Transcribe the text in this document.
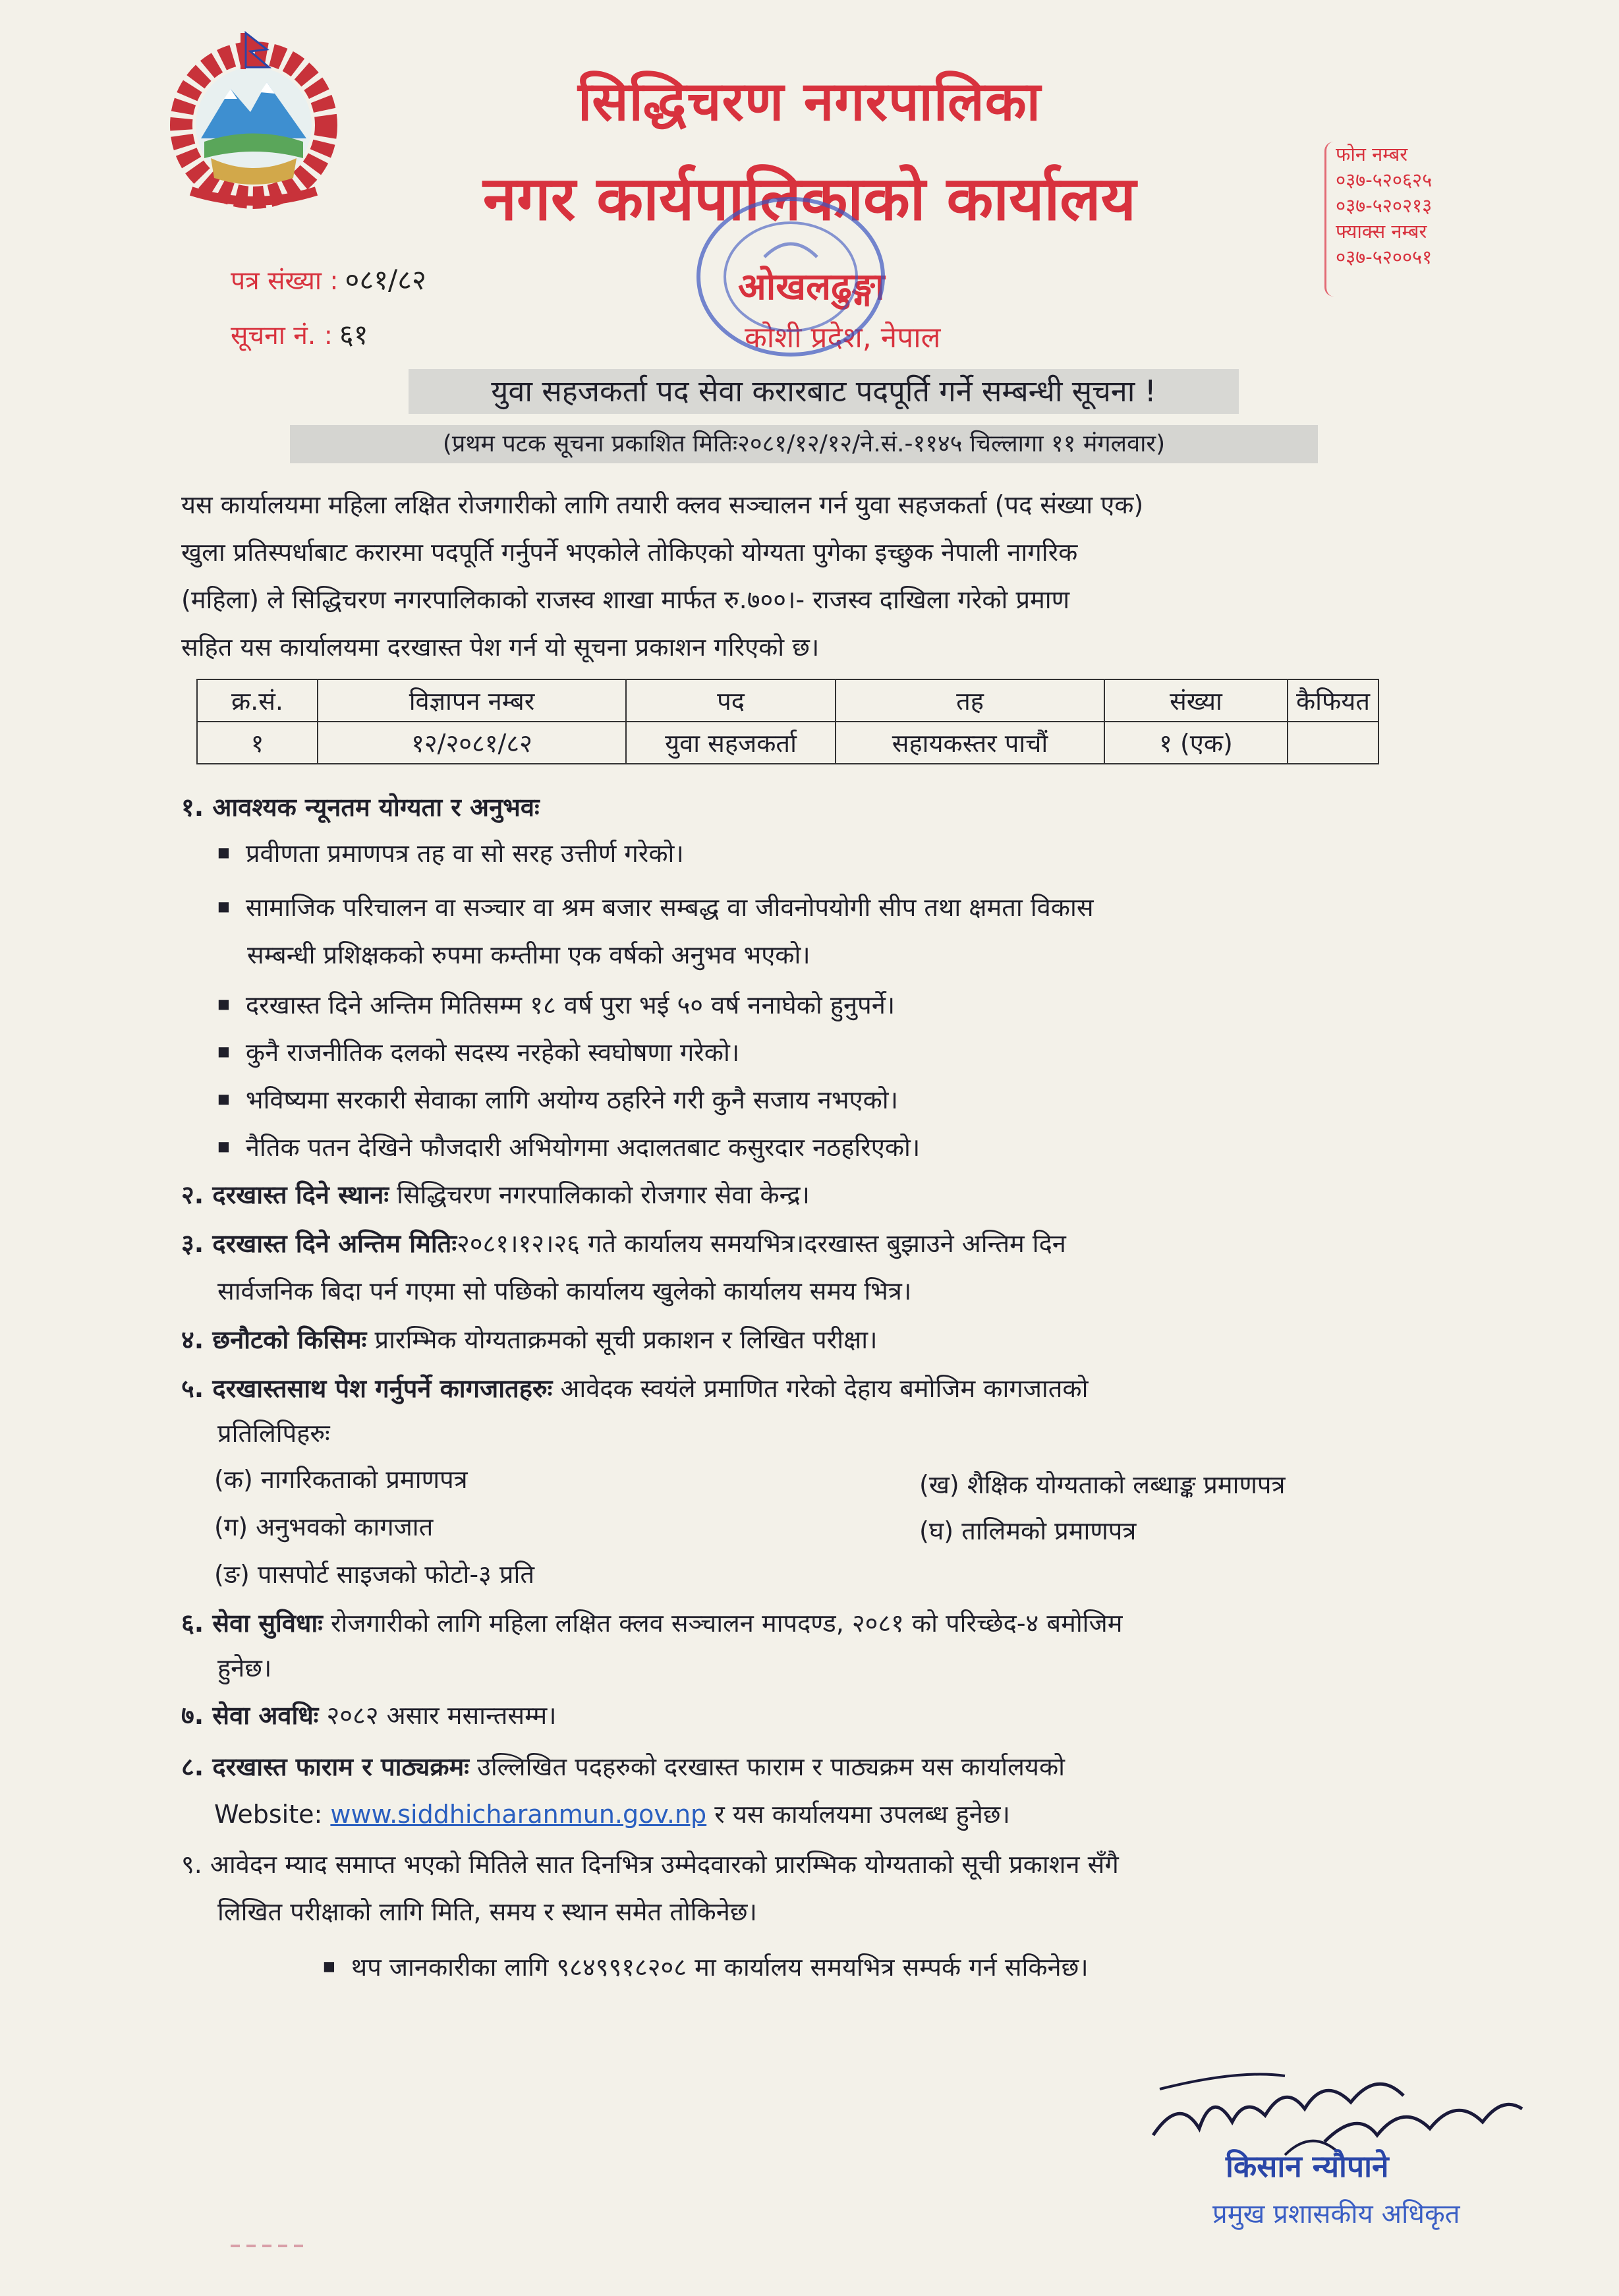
सिद्धिचरण नगरपालिका
नगर कार्यपालिकाको कार्यालय
ओखलढुङ्गा
कोशी प्रदेश, नेपाल
फोन नम्बर
०३७-५२०६२५
०३७-५२०२१३
फ्याक्स नम्बर
०३७-५२००५१
पत्र संख्या : ०८१/८२
सूचना नं. : ६१
युवा सहजकर्ता पद सेवा करारबाट पदपूर्ति गर्ने सम्बन्धी सूचना !
(प्रथम पटक सूचना प्रकाशित मितिः२०८१/१२/१२/ने.सं.-११४५ चिल्लागा ११ मंगलवार)
यस कार्यालयमा महिला लक्षित रोजगारीको लागि तयारी क्लव सञ्चालन गर्न युवा सहजकर्ता (पद संख्या एक)
खुला प्रतिस्पर्धाबाट करारमा पदपूर्ति गर्नुपर्ने भएकोले तोकिएको योग्यता पुगेका इच्छुक नेपाली नागरिक
(महिला) ले सिद्धिचरण नगरपालिकाको राजस्व शाखा मार्फत रु.७००।- राजस्व दाखिला गरेको प्रमाण
सहित यस कार्यालयमा दरखास्त पेश गर्न यो सूचना प्रकाशन गरिएको छ।
क्र.सं.	विज्ञापन नम्बर	पद	तह	संख्या	कैफियत
१	१२/२०८१/८२	युवा सहजकर्ता	सहायकस्तर पाचौं	१ (एक)	
१. आवश्यक न्यूनतम योग्यता र अनुभवः
■ प्रवीणता प्रमाणपत्र तह वा सो सरह उत्तीर्ण गरेको।
■ सामाजिक परिचालन वा सञ्चार वा श्रम बजार सम्बद्ध वा जीवनोपयोगी सीप तथा क्षमता विकास
सम्बन्धी प्रशिक्षकको रुपमा कम्तीमा एक वर्षको अनुभव भएको।
■ दरखास्त दिने अन्तिम मितिसम्म १८ वर्ष पुरा भई ५० वर्ष ननाघेको हुनुपर्ने।
■ कुनै राजनीतिक दलको सदस्य नरहेको स्वघोषणा गरेको।
■ भविष्यमा सरकारी सेवाका लागि अयोग्य ठहरिने गरी कुनै सजाय नभएको।
■ नैतिक पतन देखिने फौजदारी अभियोगमा अदालतबाट कसुरदार नठहरिएको।
२. दरखास्त दिने स्थानः सिद्धिचरण नगरपालिकाको रोजगार सेवा केन्द्र।
३. दरखास्त दिने अन्तिम मितिः२०८१।१२।२६ गते कार्यालय समयभित्र।दरखास्त बुझाउने अन्तिम दिन
सार्वजनिक बिदा पर्न गएमा सो पछिको कार्यालय खुलेको कार्यालय समय भित्र।
४. छनौटको किसिमः प्रारम्भिक योग्यताक्रमको सूची प्रकाशन र लिखित परीक्षा।
५. दरखास्तसाथ पेश गर्नुपर्ने कागजातहरुः आवेदक स्वयंले प्रमाणित गरेको देहाय बमोजिम कागजातको
प्रतिलिपिहरुः
(क) नागरिकताको प्रमाणपत्र	(ख) शैक्षिक योग्यताको लब्धाङ्क प्रमाणपत्र
(ग) अनुभवको कागजात	(घ) तालिमको प्रमाणपत्र
(ङ) पासपोर्ट साइजको फोटो-३ प्रति
६. सेवा सुविधाः रोजगारीको लागि महिला लक्षित क्लव सञ्चालन मापदण्ड, २०८१ को परिच्छेद-४ बमोजिम
हुनेछ।
७. सेवा अवधिः २०८२ असार मसान्तसम्म।
८. दरखास्त फाराम र पाठ्यक्रमः उल्लिखित पदहरुको दरखास्त फाराम र पाठ्यक्रम यस कार्यालयको
Website: www.siddhicharanmun.gov.np र यस कार्यालयमा उपलब्ध हुनेछ।
९. आवेदन म्याद समाप्त भएको मितिले सात दिनभित्र उम्मेदवारको प्रारम्भिक योग्यताको सूची प्रकाशन सँगै
लिखित परीक्षाको लागि मिति, समय र स्थान समेत तोकिनेछ।
■ थप जानकारीका लागि ९८४९९१८२०८ मा कार्यालय समयभित्र सम्पर्क गर्न सकिनेछ।
किसान न्यौपाने
प्रमुख प्रशासकीय अधिकृत
